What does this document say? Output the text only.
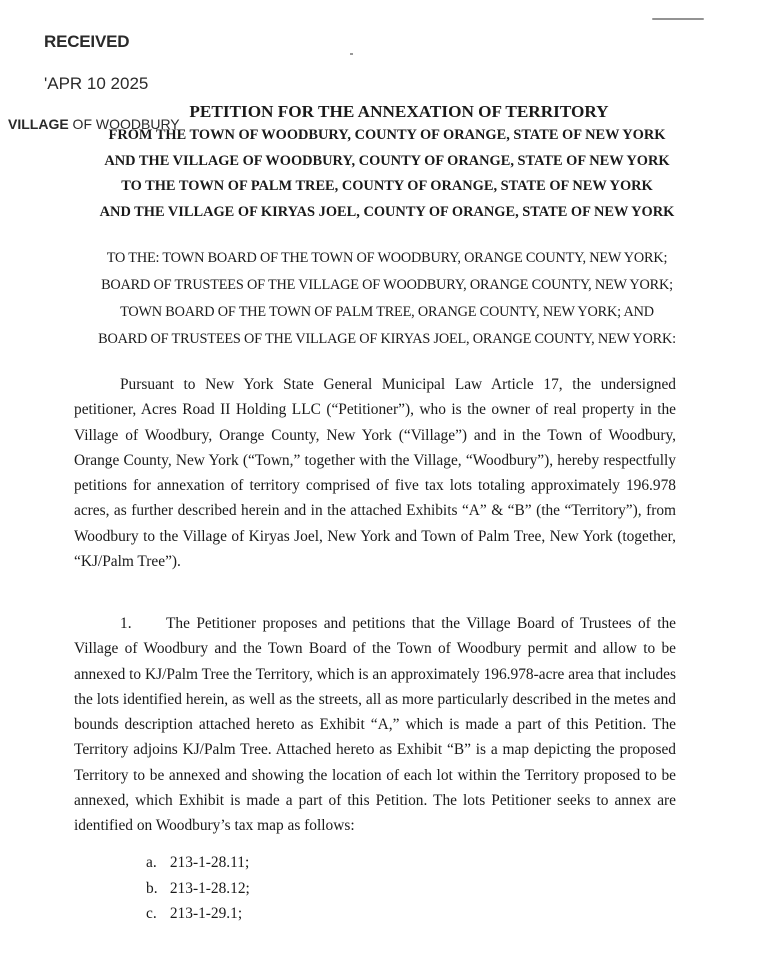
RECEIVED
'APR 10 2025
VILLAGE OF WOODBURY
PETITION FOR THE ANNEXATION OF TERRITORY
FROM THE TOWN OF WOODBURY, COUNTY OF ORANGE, STATE OF NEW YORK
AND THE VILLAGE OF WOODBURY, COUNTY OF ORANGE, STATE OF NEW YORK
TO THE TOWN OF PALM TREE, COUNTY OF ORANGE, STATE OF NEW YORK
AND THE VILLAGE OF KIRYAS JOEL, COUNTY OF ORANGE, STATE OF NEW YORK
TO THE: TOWN BOARD OF THE TOWN OF WOODBURY, ORANGE COUNTY, NEW YORK;
BOARD OF TRUSTEES OF THE VILLAGE OF WOODBURY, ORANGE COUNTY, NEW YORK;
TOWN BOARD OF THE TOWN OF PALM TREE, ORANGE COUNTY, NEW YORK; AND
BOARD OF TRUSTEES OF THE VILLAGE OF KIRYAS JOEL, ORANGE COUNTY, NEW YORK:

Pursuant to New York State General Municipal Law Article 17, the undersigned petitioner, Acres Road II Holding LLC (“Petitioner”), who is the owner of real property in the Village of Woodbury, Orange County, New York (“Village”) and in the Town of Woodbury, Orange County, New York (“Town,” together with the Village, “Woodbury”), hereby respectfully petitions for annexation of territory comprised of five tax lots totaling approximately 196.978 acres, as further described herein and in the attached Exhibits “A” & “B” (the “Territory”), from Woodbury to the Village of Kiryas Joel, New York and Town of Palm Tree, New York (together, “KJ/Palm Tree”).

1. The Petitioner proposes and petitions that the Village Board of Trustees of the Village of Woodbury and the Town Board of the Town of Woodbury permit and allow to be annexed to KJ/Palm Tree the Territory, which is an approximately 196.978-acre area that includes the lots identified herein, as well as the streets, all as more particularly described in the metes and bounds description attached hereto as Exhibit “A,” which is made a part of this Petition. The Territory adjoins KJ/Palm Tree. Attached hereto as Exhibit “B” is a map depicting the proposed Territory to be annexed and showing the location of each lot within the Territory proposed to be annexed, which Exhibit is made a part of this Petition. The lots Petitioner seeks to annex are identified on Woodbury’s tax map as follows:

a. 213-1-28.11;
b. 213-1-28.12;
c. 213-1-29.1;
